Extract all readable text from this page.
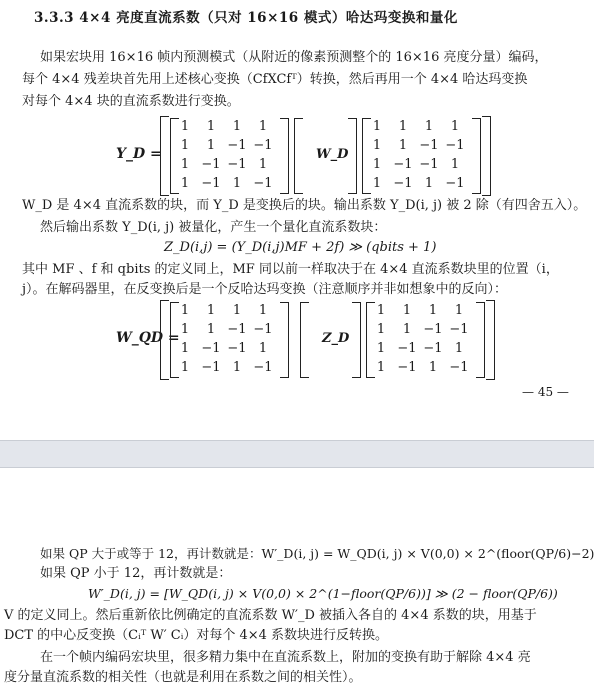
3.3.3 4×4 亮度直流系数（只对 16×16 模式）哈达玛变换和量化
如果宏块用 16×16 帧内预测模式（从附近的像素预测整个的 16×16 亮度分量）编码，
每个 4×4 残差块首先用上述核心变换（CfXCfᵀ）转换，然后再用一个 4×4 哈达玛变换
对每个 4×4 块的直流系数进行变换。
Y_D =
1	1	1	1
1	1 −1 −1
1 −1 −1 1
1 −1 1 −1
W_D
1	1	1	1
1	1 −1 −1
1 −1 −1 1
1 −1 1 −1
W_D 是 4×4 直流系数的块，而 Y_D 是变换后的块。输出系数 Y_D(i, j) 被 2 除（有四舍五入）。
然后输出系数 Y_D(i, j) 被量化，产生一个量化直流系数块：
Z_D(i,j) = (Y_D(i,j)MF + 2f) ≫ (qbits + 1)
其中 MF 、f 和 qbits 的定义同上，MF 同以前一样取决于在 4×4 直流系数块里的位置（i，
j）。在解码器里，在反变换后是一个反哈达玛变换（注意顺序并非如想象中的反向）：
W_QD =
1	1	1	1
1	1 −1 −1
1 −1 −1 1
1 −1 1 −1
Z_D
1	1	1	1
1	1 −1 −1
1 −1 −1 1
1 −1 1 −1
— 45 —
如果 QP 大于或等于 12，再计数就是：W′_D(i, j) = W_QD(i, j) × V(0,0) × 2^(floor(QP/6)−2)
如果 QP 小于 12，再计数就是：
W′_D(i, j) = [W_QD(i, j) × V(0,0) × 2^(1−floor(QP/6))] ≫ (2 − floor(QP/6))
V 的定义同上。然后重新依比例确定的直流系数 W′_D 被插入各自的 4×4 系数的块，用基于
DCT 的中心反变换（Cᵢᵀ W′ Cᵢ）对每个 4×4 系数块进行反转换。
在一个帧内编码宏块里，很多精力集中在直流系数上，附加的变换有助于解除 4×4 亮
度分量直流系数的相关性（也就是利用在系数之间的相关性）。
